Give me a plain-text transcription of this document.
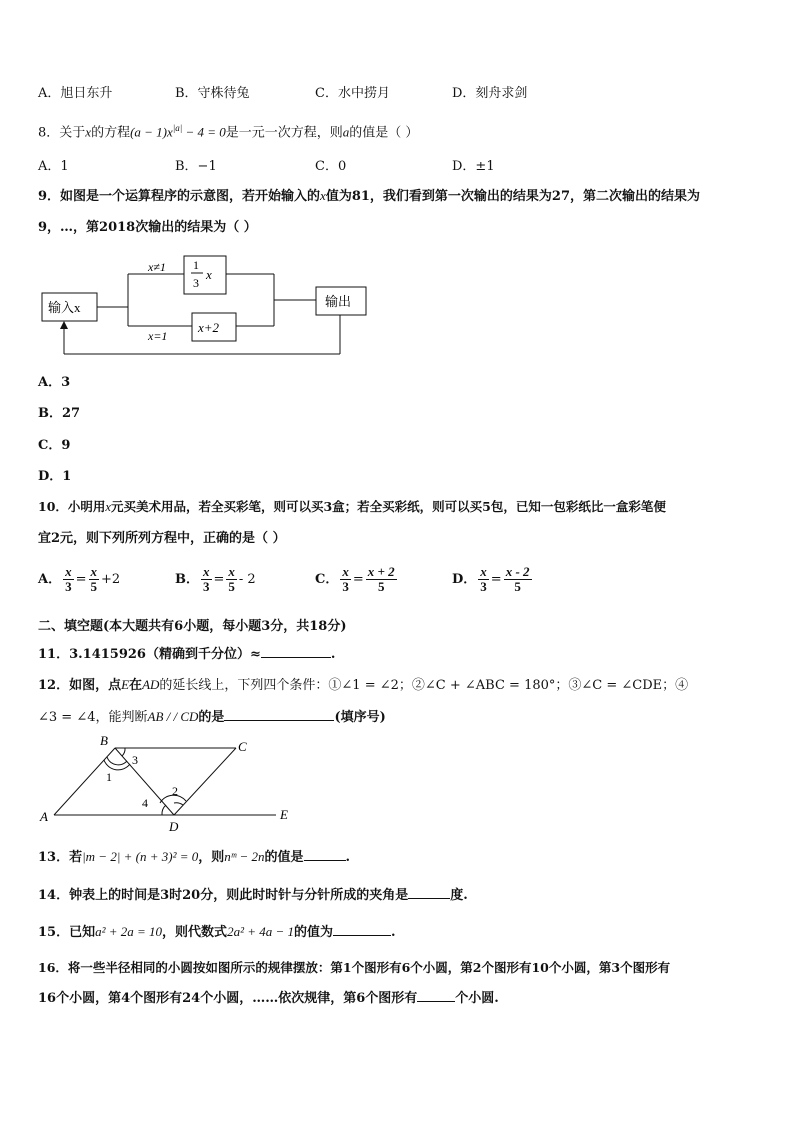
A．旭日东升	B．守株待兔	C．水中捞月	D．刻舟求剑
8．关于x的方程$(a - 1)x^{|a|} - 4 = 0$是一元一次方程，则a的值是（ ）
A．1	B．−1	C．0	D．±1
9．如图是一个运算程序的示意图，若开始输入的x值为81，我们看到第一次输出的结果为27，第二次输出的结果为
9，…，第2018次输出的结果为（ ）
输入x
x≠1 1
3
x
x=1
x+2
输出
A．3
B．27
C．9
D．1
10．小明用x元买美术用品，若全买彩笔，则可以买3盒；若全买彩纸，则可以买5包，已知一包彩纸比一盒彩笔便
宜2元，则下列所列方程中，正确的是（ ）
A． $\frac{x}{3} = \frac{x}{5} +2$	B． $\frac{x}{3} = \frac{x}{5} - 2$	C． $\frac{x}{3} = \frac{x + 2}{5}$	D． $\frac{x}{3} = \frac{x - 2}{5}$
二、填空题(本大题共有6小题，每小题3分，共18分)
11．3.1415926（精确到千分位）≈	.
12．如图，点E在AD的延长线上，下列四个条件：①∠1 = ∠2；②∠C + ∠ABC = 180°；③∠C = ∠CDE；④
∠3 = ∠4，能判断AB / / CD的是	(填序号)
B	C
A
D
E
1
3
4
2
13．若|m − 2| + (n + 3)² = 0，则nᵐ − 2n的值是	.
14．钟表上的时间是3时20分，则此时时针与分针所成的夹角是	度.
15．已知a² + 2a = 10，则代数式2a² + 4a − 1的值为	.
16．将一些半径相同的小圆按如图所示的规律摆放：第1个图形有6个小圆，第2个图形有10个小圆，第3个图形有
16个小圆，第4个图形有24个小圆，……依次规律，第6个图形有	个小圆.
